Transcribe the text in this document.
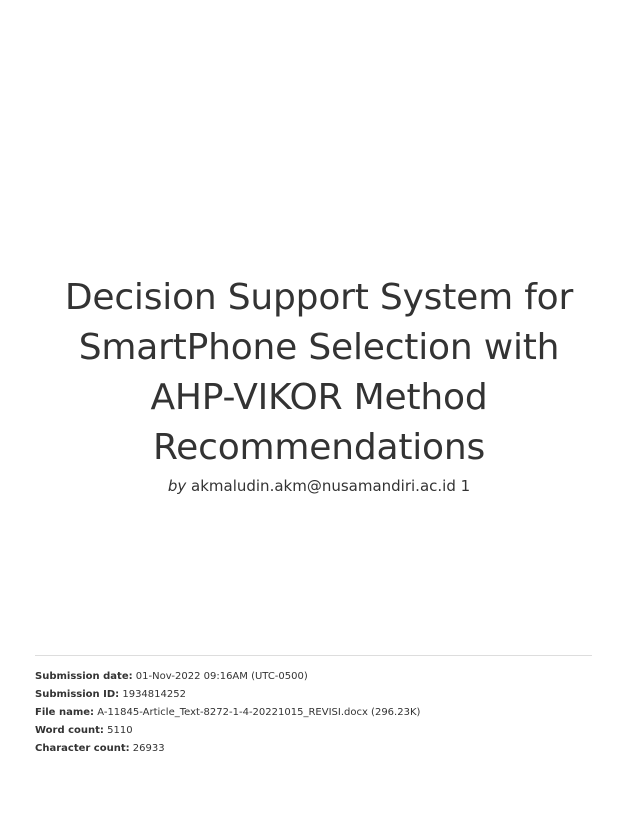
Decision Support System for SmartPhone Selection with AHP-VIKOR Method Recommendations
by akmaludin.akm@nusamandiri.ac.id 1
Submission date: 01-Nov-2022 09:16AM (UTC-0500)
Submission ID: 1934814252
File name: A-11845-Article_Text-8272-1-4-20221015_REVISI.docx (296.23K)
Word count: 5110
Character count: 26933
